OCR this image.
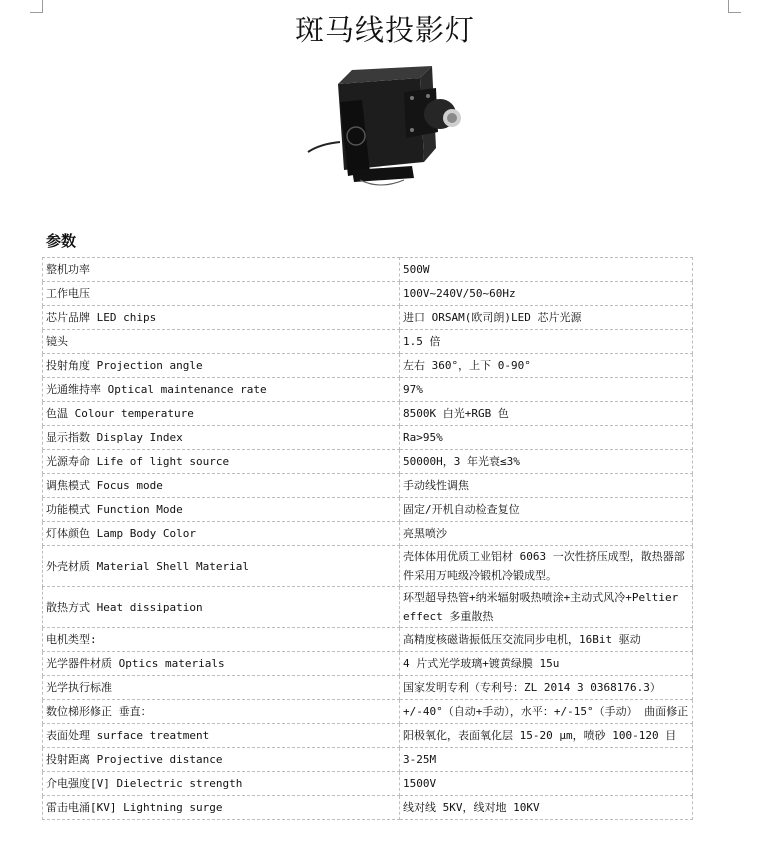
斑马线投影灯
参数
整机功率	500W
工作电压	100V~240V/50~60Hz
芯片品牌 LED chips	进口 ORSAM(欧司朗)LED 芯片光源
镜头	1.5 倍
投射角度 Projection angle	左右 360°，上下 0-90°
光通维持率 Optical maintenance rate	97%
色温 Colour temperature	8500K 白光+RGB 色
显示指数 Display Index	Ra>95%
光源寿命 Life of light source	50000H，3 年光衰≤3%
调焦模式 Focus mode	手动线性调焦
功能模式 Function Mode	固定/开机自动检查复位
灯体颜色 Lamp Body Color	亮黑喷沙
外壳材质 Material Shell Material	壳体体用优质工业铝材 6063 一次性挤压成型，散热器部件采用万吨级冷锻机冷锻成型。
散热方式 Heat dissipation	环型超导热管+纳米辐射吸热喷涂+主动式风冷+Peltier effect 多重散热
电机类型:	高精度核磁谐振低压交流同步电机，16Bit 驱动
光学器件材质 Optics materials	4 片式光学玻璃+镀黄绿膜 15u
光学执行标准	国家发明专利（专利号：ZL 2014 3 0368176.3）
数位梯形修正 垂直：	+/-40°（自动+手动），水平：+/-15°（手动） 曲面修正
表面处理 surface treatment	阳极氧化，表面氧化层 15-20 μm，喷砂 100-120 目
投射距离 Projective distance	3-25M
介电强度[V] Dielectric strength	1500V
雷击电涌[KV] Lightning surge	线对线 5KV，线对地 10KV
